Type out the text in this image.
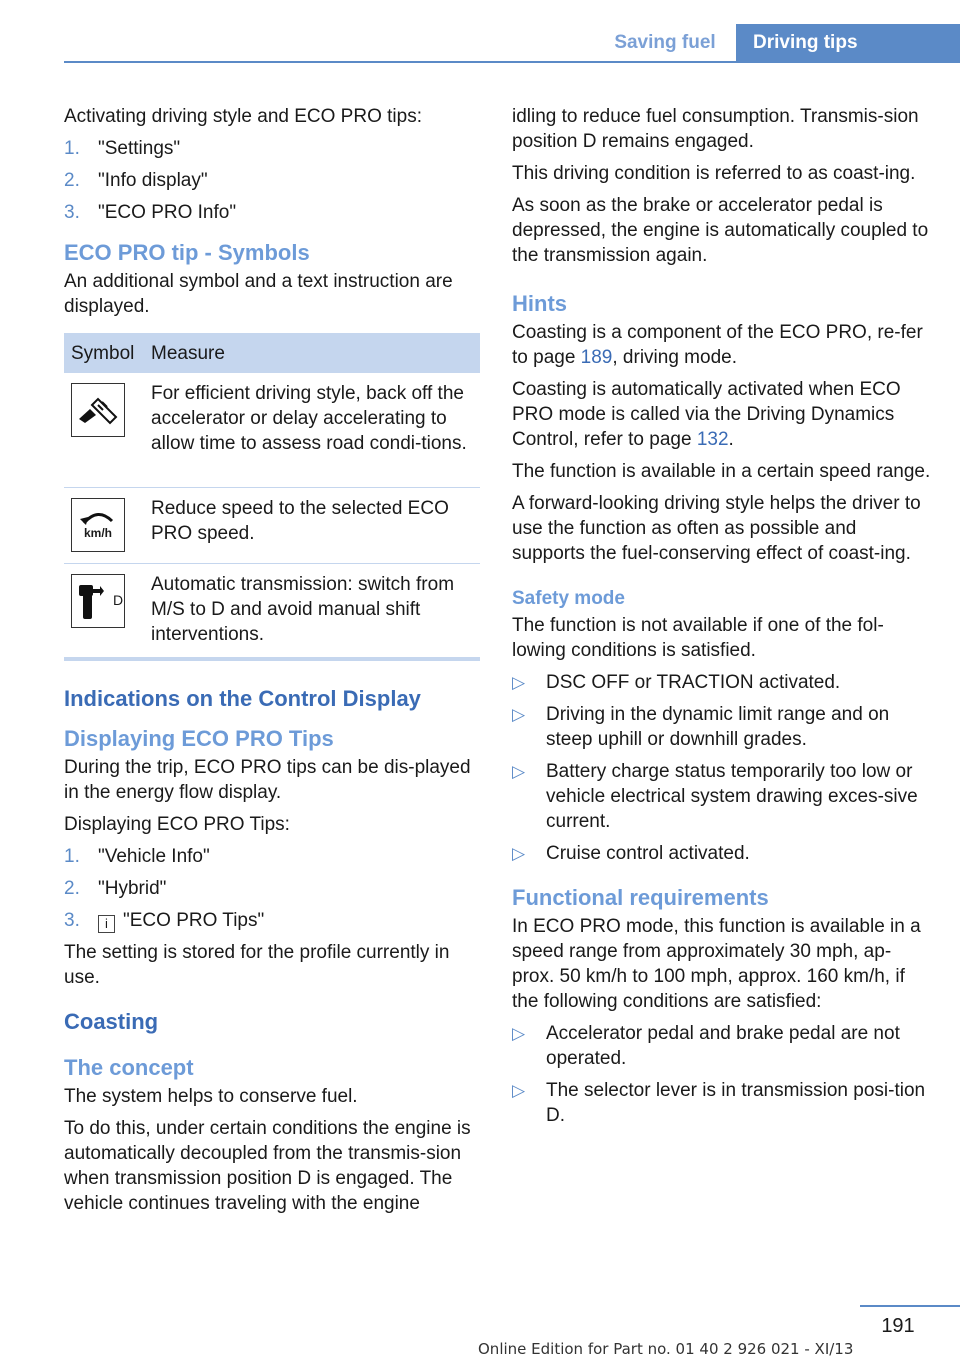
Saving fuel	Driving tips

Activating driving style and ECO PRO tips:

1. "Settings"
2. "Info display"
3. "ECO PRO Info"
ECO PRO tip - Symbols

An additional symbol and a text instruction are displayed.

Symbol	Measure

	For efficient driving style, back off the accelerator or delay accelerating to allow time to assess road condi-tions.

km/h	Reduce speed to the selected ECO PRO speed.

D	Automatic transmission: switch from M/S to D and avoid manual shift interventions.
Indications on the Control Display
Displaying ECO PRO Tips

During the trip, ECO PRO tips can be dis-played in the energy flow display.

Displaying ECO PRO Tips:

1. "Vehicle Info"
2. "Hybrid"
3. i "ECO PRO Tips"

The setting is stored for the profile currently in use.

Coasting
The concept

The system helps to conserve fuel.

To do this, under certain conditions the engine is automatically decoupled from the transmis-sion when transmission position D is engaged. The vehicle continues traveling with the engine

idling to reduce fuel consumption. Transmis-sion position D remains engaged.

This driving condition is referred to as coast-ing.

As soon as the brake or accelerator pedal is depressed, the engine is automatically coupled to the transmission again.

Hints

Coasting is a component of the ECO PRO, re-fer to page 189, driving mode.

Coasting is automatically activated when ECO PRO mode is called via the Driving Dynamics Control, refer to page 132.

The function is available in a certain speed range.

A forward-looking driving style helps the driver to use the function as often as possible and supports the fuel-conserving effect of coast-ing.

Safety mode

The function is not available if one of the fol-lowing conditions is satisfied.

▷ DSC OFF or TRACTION activated.
▷ Driving in the dynamic limit range and on steep uphill or downhill grades.
▷ Battery charge status temporarily too low or vehicle electrical system drawing exces-sive current.
▷ Cruise control activated.
Functional requirements

In ECO PRO mode, this function is available in a speed range from approximately 30 mph, ap-prox. 50 km/h to 100 mph, approx. 160 km/h, if the following conditions are satisfied:

▷ Accelerator pedal and brake pedal are not operated.
▷ The selector lever is in transmission posi-tion D.
191
Online Edition for Part no. 01 40 2 926 021 - XI/13
